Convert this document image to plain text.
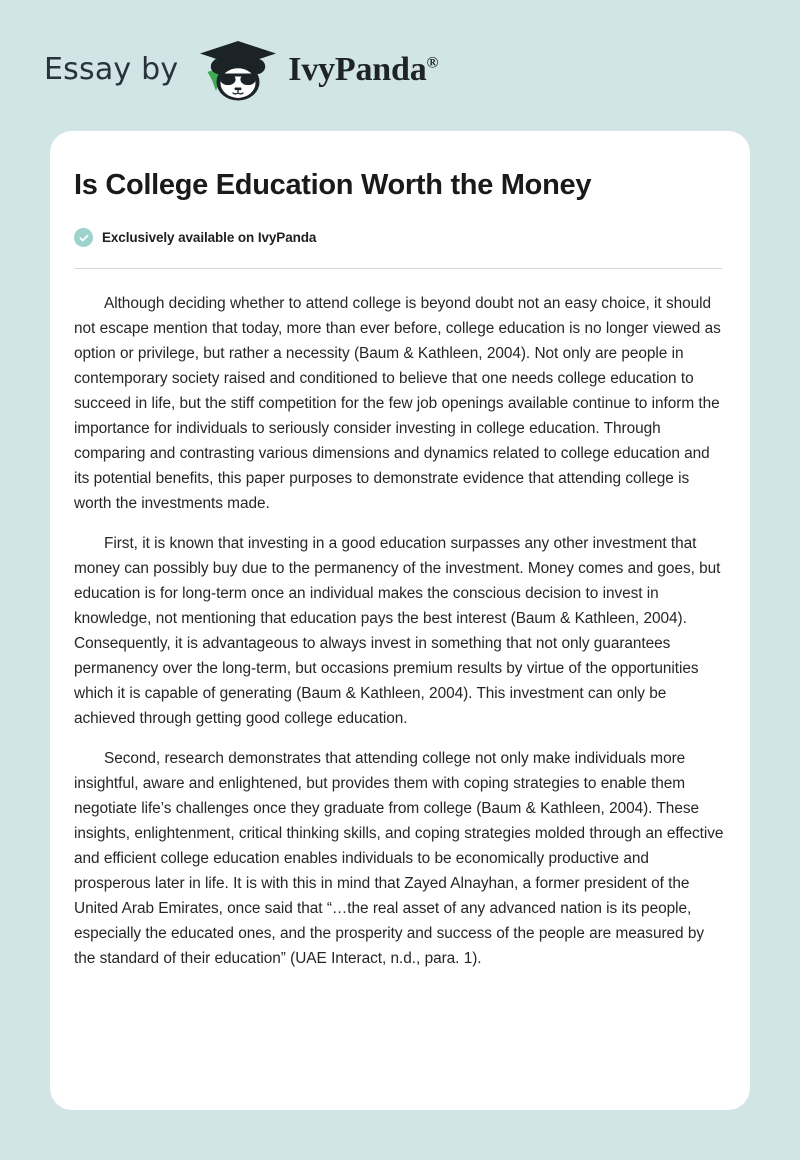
Essay by	IvyPanda®
Is College Education Worth the Money
Exclusively available on IvyPanda

Although deciding whether to attend college is beyond doubt not an easy choice, it should not escape mention that today, more than ever before, college education is no longer viewed as option or privilege, but rather a necessity (Baum & Kathleen, 2004). Not only are people in contemporary society raised and conditioned to believe that one needs college education to succeed in life, but the stiff competition for the few job openings available continue to inform the importance for individuals to seriously consider investing in college education. Through comparing and contrasting various dimensions and dynamics related to college education and its potential benefits, this paper purposes to demonstrate evidence that attending college is worth the investments made.

First, it is known that investing in a good education surpasses any other investment that money can possibly buy due to the permanency of the investment. Money comes and goes, but education is for long-term once an individual makes the conscious decision to invest in knowledge, not mentioning that education pays the best interest (Baum & Kathleen, 2004). Consequently, it is advantageous to always invest in something that not only guarantees permanency over the long-term, but occasions premium results by virtue of the opportunities which it is capable of generating (Baum & Kathleen, 2004). This investment can only be achieved through getting good college education.

Second, research demonstrates that attending college not only make individuals more insightful, aware and enlightened, but provides them with coping strategies to enable them negotiate life’s challenges once they graduate from college (Baum & Kathleen, 2004). These insights, enlightenment, critical thinking skills, and coping strategies molded through an effective and efficient college education enables individuals to be economically productive and prosperous later in life. It is with this in mind that Zayed Alnayhan, a former president of the United Arab Emirates, once said that “…the real asset of any advanced nation is its people, especially the educated ones, and the prosperity and success of the people are measured by the standard of their education” (UAE Interact, n.d., para. 1).
